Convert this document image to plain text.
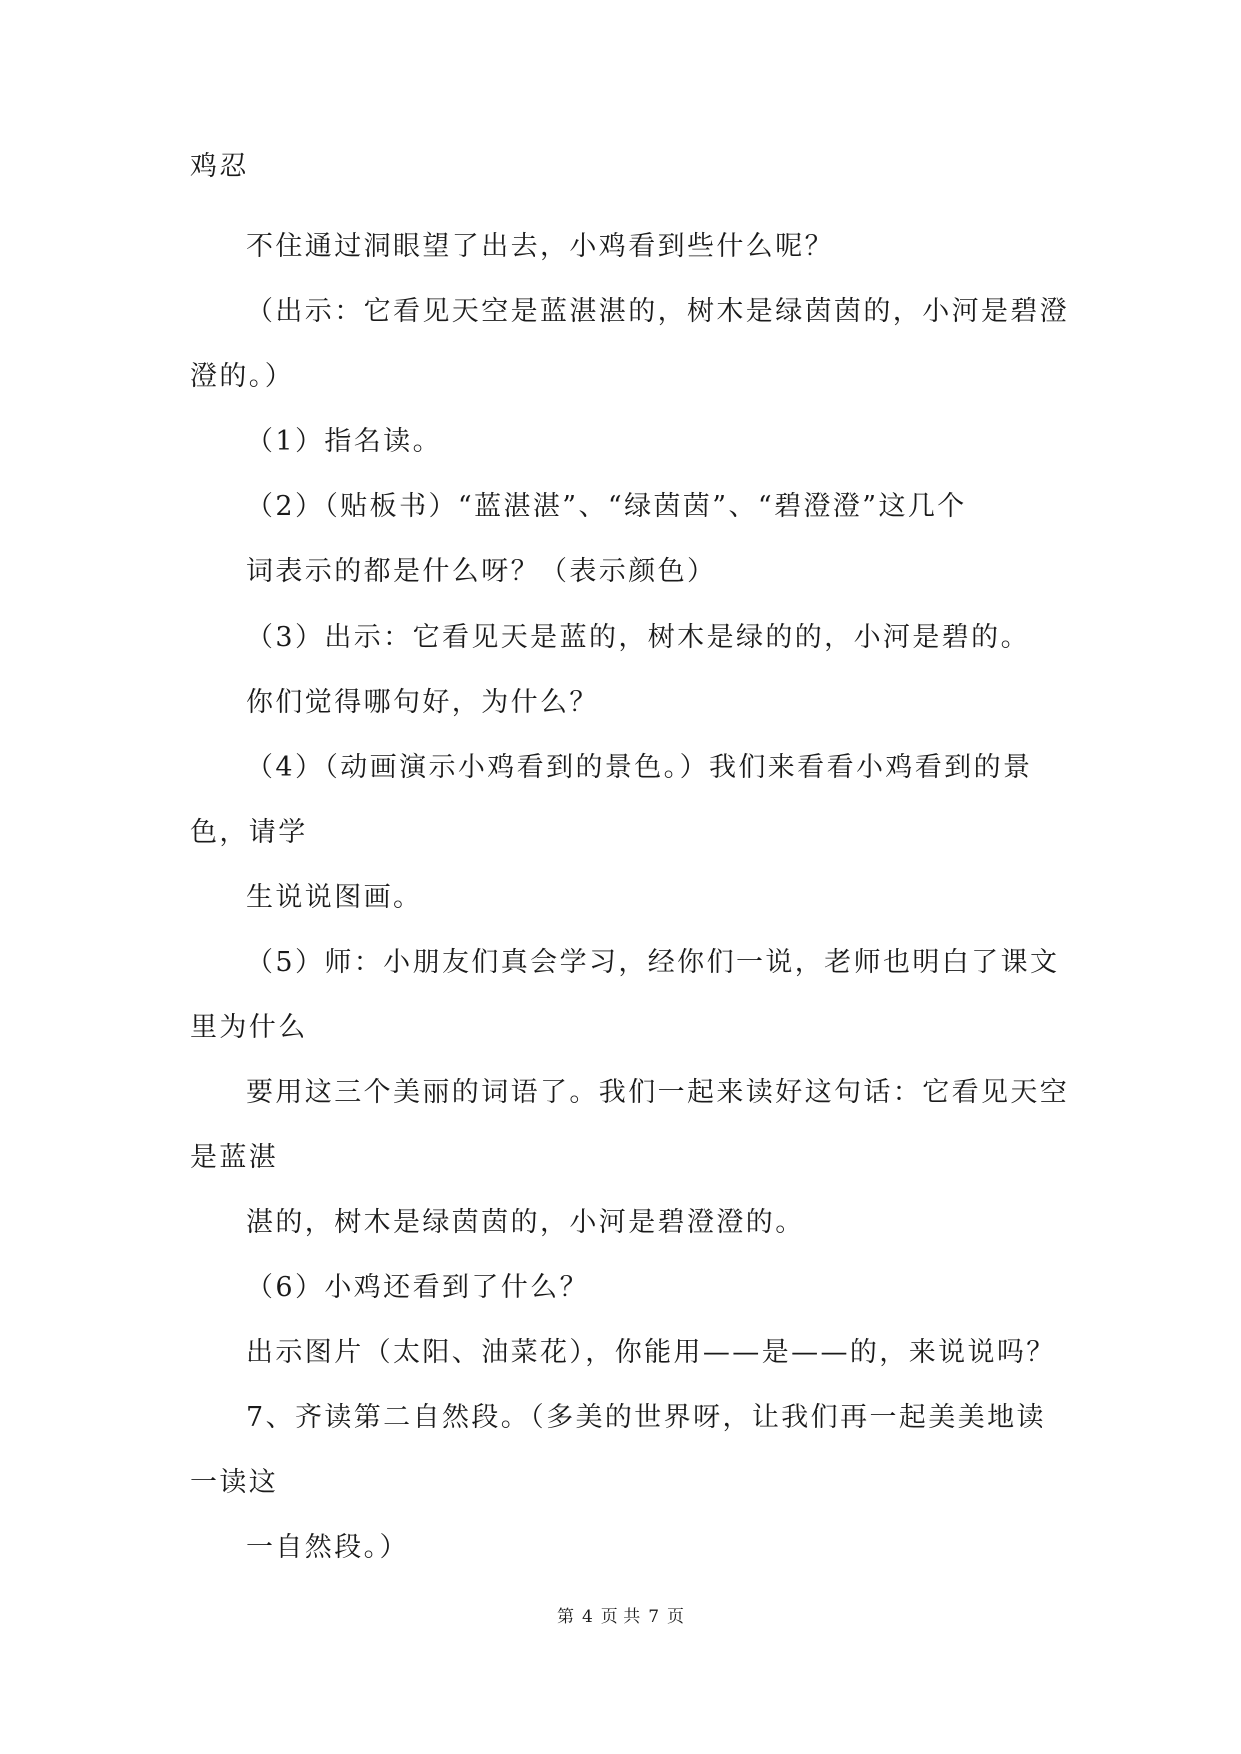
鸡忍

不住通过洞眼望了出去，小鸡看到些什么呢？

（出示：它看见天空是蓝湛湛的，树木是绿茵茵的，小河是碧澄

澄的。）

（1）指名读。

（2）（贴板书）“蓝湛湛”、“绿茵茵”、“碧澄澄”这几个

词表示的都是什么呀？（表示颜色）

（3）出示：它看见天是蓝的，树木是绿的的，小河是碧的。

你们觉得哪句好，为什么？

（4）（动画演示小鸡看到的景色。）我们来看看小鸡看到的景

色，请学

生说说图画。

（5）师：小朋友们真会学习，经你们一说，老师也明白了课文

里为什么

要用这三个美丽的词语了。我们一起来读好这句话：它看见天空

是蓝湛

湛的，树木是绿茵茵的，小河是碧澄澄的。

（6）小鸡还看到了什么？

出示图片（太阳、油菜花），你能用——是——的，来说说吗？

7、齐读第二自然段。（多美的世界呀，让我们再一起美美地读

一读这

一自然段。）

第 4 页 共 7 页
